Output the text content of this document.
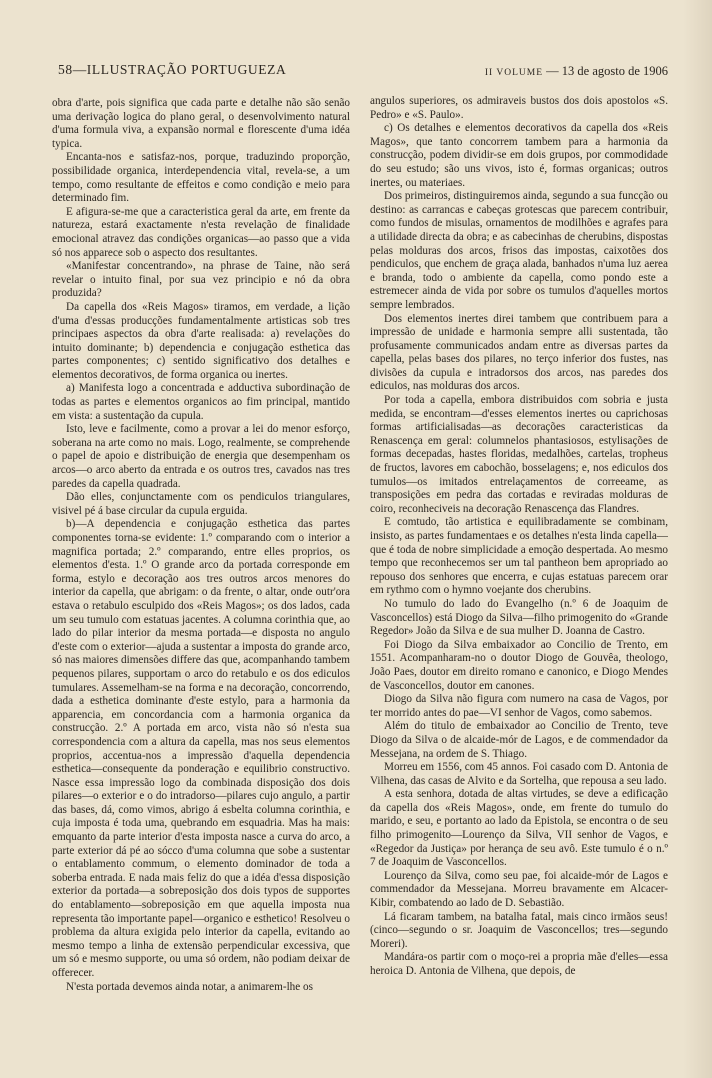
58—ILLUSTRAÇÃO PORTUGUEZA	II VOLUME — 13 de agosto de 1906

obra d'arte, pois significa que cada parte e detalhe não são senão uma derivação logica do plano geral, o desenvolvimento natural d'uma formula viva, a expansão normal e florescente d'uma idéa typica.

Encanta-nos e satisfaz-nos, porque, traduzindo proporção, possibilidade organica, interdependencia vital, revela-se, a um tempo, como resultante de effeitos e como condição e meio para determinado fim.

E afigura-se-me que a caracteristica geral da arte, em frente da natureza, estará exactamente n'esta revelação de finalidade emocional atravez das condições organicas—ao passo que a vida só nos apparece sob o aspecto dos resultantes.

«Manifestar concentrando», na phrase de Taine, não será revelar o intuito final, por sua vez principio e nó da obra produzida?

Da capella dos «Reis Magos» tiramos, em verdade, a lição d'uma d'essas producções fundamentalmente artisticas sob tres principaes aspectos da obra d'arte realisada: a) revelações do intuito dominante; b) dependencia e conjugação esthetica das partes componentes; c) sentido significativo dos detalhes e elementos decorativos, de forma organica ou inertes.

a) Manifesta logo a concentrada e adductiva subordinação de todas as partes e elementos organicos ao fim principal, mantido em vista: a sustentação da cupula.

Isto, leve e facilmente, como a provar a lei do menor esforço, soberana na arte como no mais. Logo, realmente, se comprehende o papel de apoio e distribuição de energia que desempenham os arcos—o arco aberto da entrada e os outros tres, cavados nas tres paredes da capella quadrada.

Dão elles, conjunctamente com os pendiculos triangulares, visivel pé á base circular da cupula erguida.

b)—A dependencia e conjugação esthetica das partes componentes torna-se evidente: 1.º comparando com o interior a magnifica portada; 2.º comparando, entre elles proprios, os elementos d'esta. 1.º O grande arco da portada corresponde em forma, estylo e decoração aos tres outros arcos menores do interior da capella, que abrigam: o da frente, o altar, onde outr'ora estava o retabulo esculpido dos «Reis Magos»; os dos lados, cada um seu tumulo com estatuas jacentes. A columna corinthia que, ao lado do pilar interior da mesma portada—e disposta no angulo d'este com o exterior—ajuda a sustentar a imposta do grande arco, só nas maiores dimensões differe das que, acompanhando tambem pequenos pilares, supportam o arco do retabulo e os dos ediculos tumulares. Assemelham-se na forma e na decoração, concorrendo, dada a esthetica dominante d'este estylo, para a harmonia da apparencia, em concordancia com a harmonia organica da construcção. 2.º A portada em arco, vista não só n'esta sua correspondencia com a altura da capella, mas nos seus elementos proprios, accentua-nos a impressão d'aquella dependencia esthetica—consequente da ponderação e equilibrio constructivo. Nasce essa impressão logo da combinada disposição dos dois pilares—o exterior e o do intradorso—pilares cujo angulo, a partir das bases, dá, como vimos, abrigo á esbelta columna corinthia, e cuja imposta é toda uma, quebrando em esquadria. Mas ha mais: emquanto da parte interior d'esta imposta nasce a curva do arco, a parte exterior dá pé ao sócco d'uma columna que sobe a sustentar o entablamento commum, o elemento dominador de toda a soberba entrada. E nada mais feliz do que a idéa d'essa disposição exterior da portada—a sobreposição dos dois typos de supportes do entablamento—sobreposição em que aquella imposta nua representa tão importante papel—organico e esthetico! Resolveu o problema da altura exigida pelo interior da capella, evitando ao mesmo tempo a linha de extensão perpendicular excessiva, que um só e mesmo supporte, ou uma só ordem, não podiam deixar de offerecer.

N'esta portada devemos ainda notar, a animarem-lhe os

angulos superiores, os admiraveis bustos dos dois apostolos «S. Pedro» e «S. Paulo».

c) Os detalhes e elementos decorativos da capella dos «Reis Magos», que tanto concorrem tambem para a harmonia da construcção, podem dividir-se em dois grupos, por commodidade do seu estudo; são uns vivos, isto é, formas organicas; outros inertes, ou materiaes.

Dos primeiros, distinguiremos ainda, segundo a sua funcção ou destino: as carrancas e cabeças grotescas que parecem contribuir, como fundos de misulas, ornamentos de modilhões e agrafes para a utilidade directa da obra; e as cabecinhas de cherubins, dispostas pelas molduras dos arcos, frisos das impostas, caixotões dos pendiculos, que enchem de graça alada, banhados n'uma luz aerea e branda, todo o ambiente da capella, como pondo este a estremecer ainda de vida por sobre os tumulos d'aquelles mortos sempre lembrados.

Dos elementos inertes direi tambem que contribuem para a impressão de unidade e harmonia sempre alli sustentada, tão profusamente communicados andam entre as diversas partes da capella, pelas bases dos pilares, no terço inferior dos fustes, nas divisões da cupula e intradorsos dos arcos, nas paredes dos ediculos, nas molduras dos arcos.

Por toda a capella, embora distribuidos com sobria e justa medida, se encontram—d'esses elementos inertes ou caprichosas formas artificialisadas—as decorações caracteristicas da Renascença em geral: columnelos phantasiosos, estylisações de formas decepadas, hastes floridas, medalhões, cartelas, tropheus de fructos, lavores em cabochão, bosselagens; e, nos ediculos dos tumulos—os imitados entrelaçamentos de correeame, as transposições em pedra das cortadas e reviradas molduras de coiro, reconheciveis na decoração Renascença das Flandres.

E comtudo, tão artistica e equilibradamente se combinam, insisto, as partes fundamentaes e os detalhes n'esta linda capella—que é toda de nobre simplicidade a emoção despertada. Ao mesmo tempo que reconhecemos ser um tal pantheon bem apropriado ao repouso dos senhores que encerra, e cujas estatuas parecem orar em rythmo com o hymno voejante dos cherubins.

No tumulo do lado do Evangelho (n.º 6 de Joaquim de Vasconcellos) está Diogo da Silva—filho primogenito do «Grande Regedor» João da Silva e de sua mulher D. Joanna de Castro.

Foi Diogo da Silva embaixador ao Concilio de Trento, em 1551. Acompanharam-no o doutor Diogo de Gouvêa, theologo, João Paes, doutor em direito romano e canonico, e Diogo Mendes de Vasconcellos, doutor em canones.

Diogo da Silva não figura com numero na casa de Vagos, por ter morrido antes do pae—VI senhor de Vagos, como sabemos.

Além do titulo de embaixador ao Concilio de Trento, teve Diogo da Silva o de alcaide-mór de Lagos, e de commendador da Messejana, na ordem de S. Thiago.

Morreu em 1556, com 45 annos. Foi casado com D. Antonia de Vilhena, das casas de Alvito e da Sortelha, que repousa a seu lado.

A esta senhora, dotada de altas virtudes, se deve a edificação da capella dos «Reis Magos», onde, em frente do tumulo do marido, e seu, e portanto ao lado da Epistola, se encontra o de seu filho primogenito—Lourenço da Silva, VII senhor de Vagos, e «Regedor da Justiça» por herança de seu avô. Este tumulo é o n.º 7 de Joaquim de Vasconcellos.

Lourenço da Silva, como seu pae, foi alcaide-mór de Lagos e commendador da Messejana. Morreu bravamente em Alcacer-Kibir, combatendo ao lado de D. Sebastião.

Lá ficaram tambem, na batalha fatal, mais cinco irmãos seus! (cinco—segundo o sr. Joaquim de Vasconcellos; tres—segundo Moreri).

Mandára-os partir com o moço-rei a propria mãe d'elles—essa heroica D. Antonia de Vilhena, que depois, de
